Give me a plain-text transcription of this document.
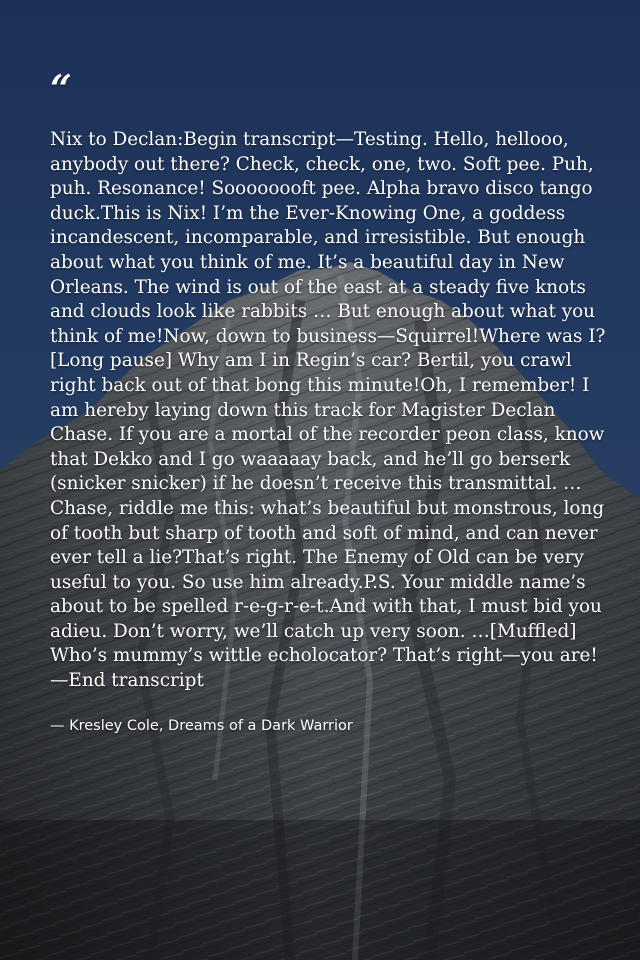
“

Nix to Declan:Begin transcript—Testing. Hello, hellooo, anybody out there? Check, check, one, two. Soft pee. Puh, puh. Resonance! Soooooooft pee. Alpha bravo disco tango duck.This is Nix! I’m the Ever-Knowing One, a goddess incandescent, incomparable, and irresistible. But enough about what you think of me. It’s a beautiful day in New Orleans. The wind is out of the east at a steady five knots and clouds look like rabbits … But enough about what you think of me!Now, down to business—Squirrel!Where was I? [Long pause] Why am I in Regin’s car? Bertil, you crawl right back out of that bong this minute!Oh, I remember! I am hereby laying down this track for Magister Declan Chase. If you are a mortal of the recorder peon class, know that Dekko and I go waaaaay back, and he’ll go berserk (snicker snicker) if he doesn’t receive this transmittal. …Chase, riddle me this: what’s beautiful but monstrous, long of tooth but sharp of tooth and soft of mind, and can never ever tell a lie?That’s right. The Enemy of Old can be very useful to you. So use him already.P.S. Your middle name’s about to be spelled r-e-g-r-e-t.And with that, I must bid you adieu. Don’t worry, we’ll catch up very soon. …[Muffled] Who’s mummy’s wittle echolocator? That’s right—you are!—End transcript

— Kresley Cole, Dreams of a Dark Warrior
